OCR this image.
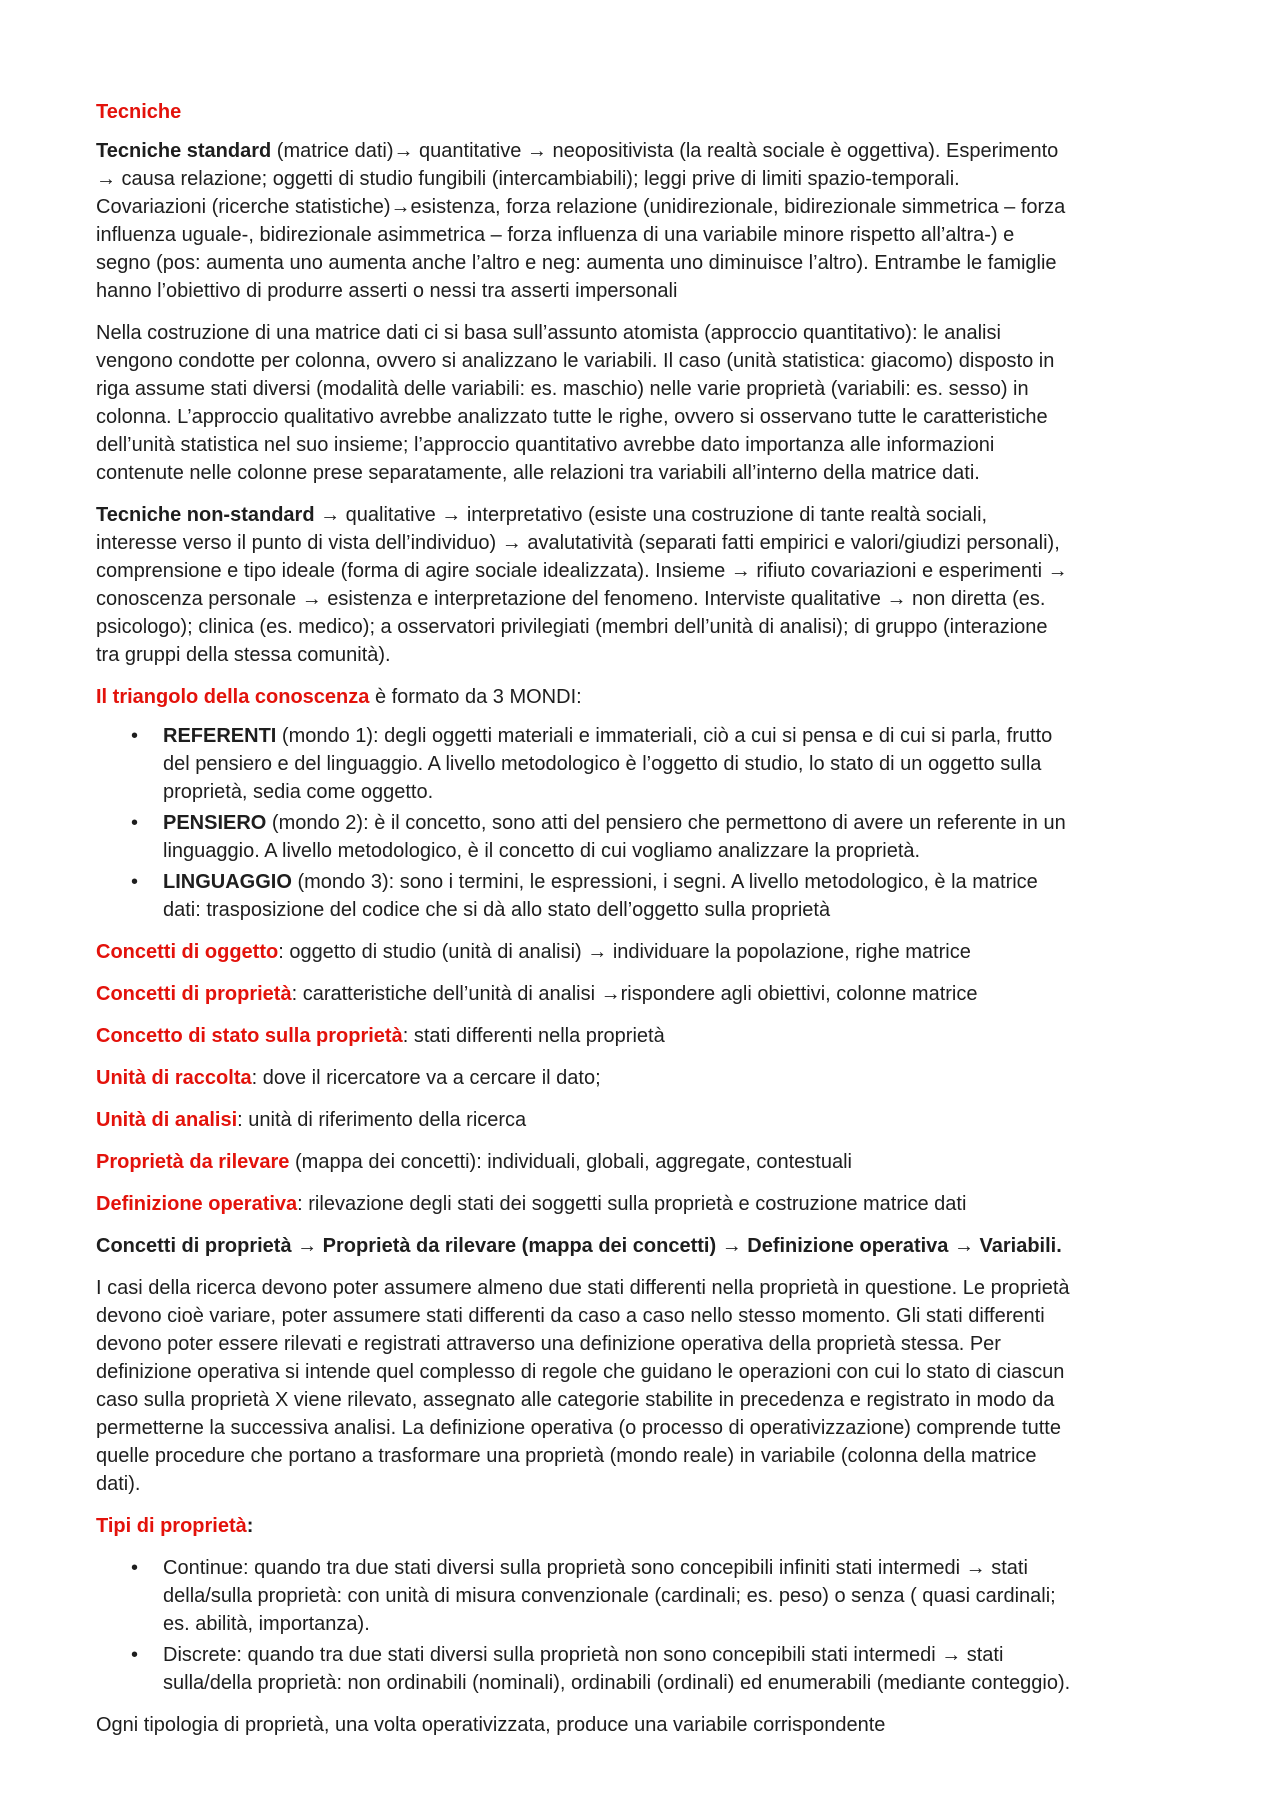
Tecniche

Tecniche standard (matrice dati)→ quantitative → neopositivista (la realtà sociale è oggettiva). Esperimento → causa relazione; oggetti di studio fungibili (intercambiabili); leggi prive di limiti spazio-temporali. Covariazioni (ricerche statistiche)→esistenza, forza relazione (unidirezionale, bidirezionale simmetrica – forza influenza uguale-, bidirezionale asimmetrica – forza influenza di una variabile minore rispetto all’altra-) e segno (pos: aumenta uno aumenta anche l’altro e neg: aumenta uno diminuisce l’altro). Entrambe le famiglie hanno l’obiettivo di produrre asserti o nessi tra asserti impersonali

Nella costruzione di una matrice dati ci si basa sull’assunto atomista (approccio quantitativo): le analisi vengono condotte per colonna, ovvero si analizzano le variabili. Il caso (unità statistica: giacomo) disposto in riga assume stati diversi (modalità delle variabili: es. maschio) nelle varie proprietà (variabili: es. sesso) in colonna. L’approccio qualitativo avrebbe analizzato tutte le righe, ovvero si osservano tutte le caratteristiche dell’unità statistica nel suo insieme; l’approccio quantitativo avrebbe dato importanza alle informazioni contenute nelle colonne prese separatamente, alle relazioni tra variabili all’interno della matrice dati.

Tecniche non-standard → qualitative → interpretativo (esiste una costruzione di tante realtà sociali, interesse verso il punto di vista dell’individuo) → avalutatività (separati fatti empirici e valori/giudizi personali), comprensione e tipo ideale (forma di agire sociale idealizzata). Insieme → rifiuto covariazioni e esperimenti → conoscenza personale → esistenza e interpretazione del fenomeno. Interviste qualitative → non diretta (es. psicologo); clinica (es. medico); a osservatori privilegiati (membri dell’unità di analisi); di gruppo (interazione tra gruppi della stessa comunità).

Il triangolo della conoscenza è formato da 3 MONDI:

• REFERENTI (mondo 1): degli oggetti materiali e immateriali, ciò a cui si pensa e di cui si parla, frutto del pensiero e del linguaggio. A livello metodologico è l’oggetto di studio, lo stato di un oggetto sulla proprietà, sedia come oggetto.
• PENSIERO (mondo 2): è il concetto, sono atti del pensiero che permettono di avere un referente in un linguaggio. A livello metodologico, è il concetto di cui vogliamo analizzare la proprietà.
• LINGUAGGIO (mondo 3): sono i termini, le espressioni, i segni. A livello metodologico, è la matrice dati: trasposizione del codice che si dà allo stato dell’oggetto sulla proprietà

Concetti di oggetto: oggetto di studio (unità di analisi) → individuare la popolazione, righe matrice

Concetti di proprietà: caratteristiche dell’unità di analisi →rispondere agli obiettivi, colonne matrice

Concetto di stato sulla proprietà: stati differenti nella proprietà

Unità di raccolta: dove il ricercatore va a cercare il dato;

Unità di analisi: unità di riferimento della ricerca

Proprietà da rilevare (mappa dei concetti): individuali, globali, aggregate, contestuali

Definizione operativa: rilevazione degli stati dei soggetti sulla proprietà e costruzione matrice dati

Concetti di proprietà → Proprietà da rilevare (mappa dei concetti) → Definizione operativa → Variabili.

I casi della ricerca devono poter assumere almeno due stati differenti nella proprietà in questione. Le proprietà devono cioè variare, poter assumere stati differenti da caso a caso nello stesso momento. Gli stati differenti devono poter essere rilevati e registrati attraverso una definizione operativa della proprietà stessa. Per definizione operativa si intende quel complesso di regole che guidano le operazioni con cui lo stato di ciascun caso sulla proprietà X viene rilevato, assegnato alle categorie stabilite in precedenza e registrato in modo da permetterne la successiva analisi. La definizione operativa (o processo di operativizzazione) comprende tutte quelle procedure che portano a trasformare una proprietà (mondo reale) in variabile (colonna della matrice dati).

Tipi di proprietà:

• Continue: quando tra due stati diversi sulla proprietà sono concepibili infiniti stati intermedi → stati della/sulla proprietà: con unità di misura convenzionale (cardinali; es. peso) o senza ( quasi cardinali; es. abilità, importanza).
• Discrete: quando tra due stati diversi sulla proprietà non sono concepibili stati intermedi → stati sulla/della proprietà: non ordinabili (nominali), ordinabili (ordinali) ed enumerabili (mediante conteggio).

Ogni tipologia di proprietà, una volta operativizzata, produce una variabile corrispondente
